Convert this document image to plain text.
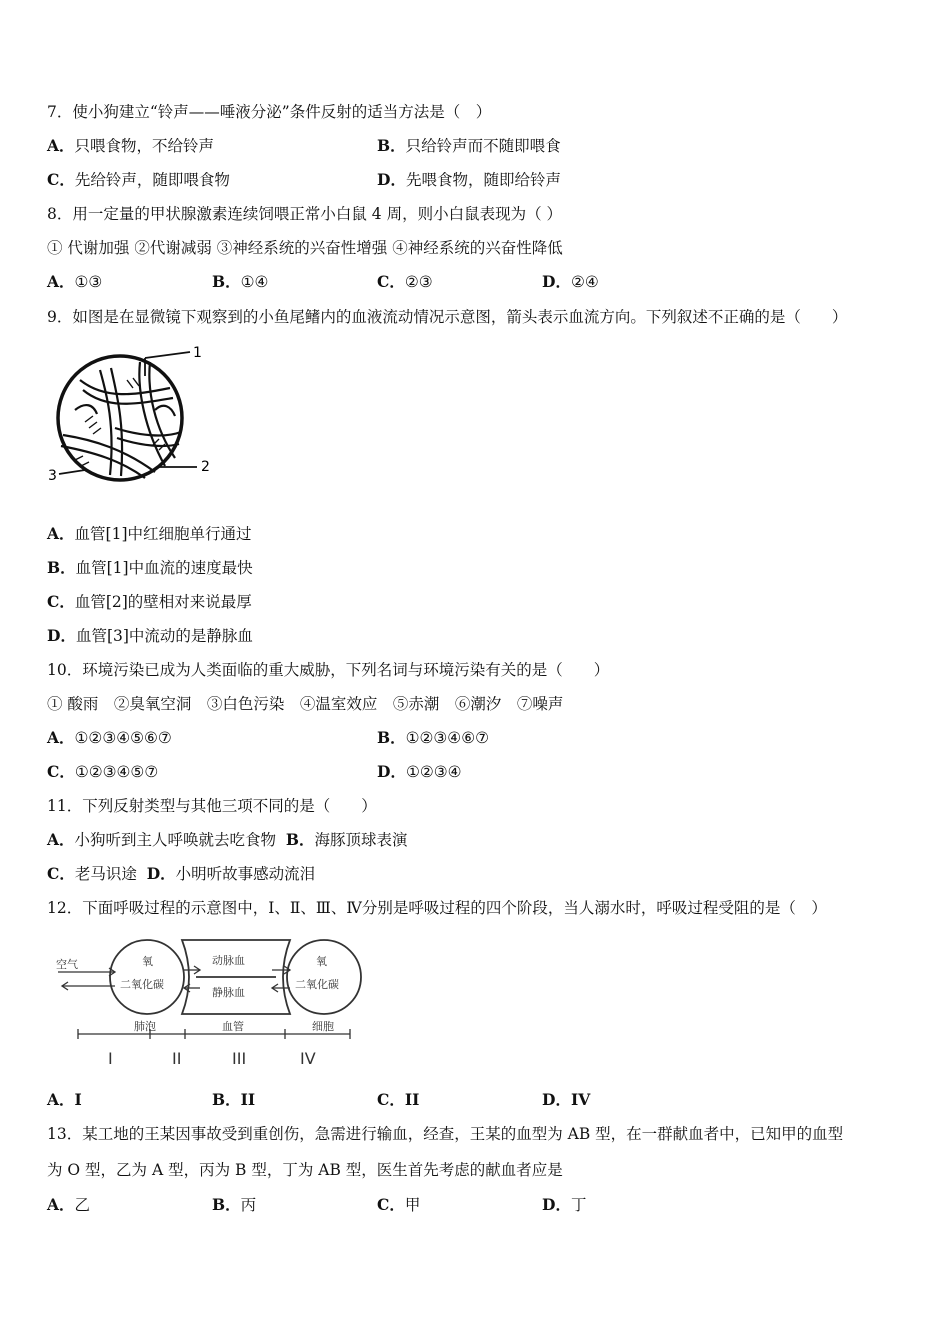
7．使小狗建立“铃声——唾液分泌”条件反射的适当方法是（　）
A．只喂食物，不给铃声	B．只给铃声而不随即喂食
C．先给铃声，随即喂食物	D．先喂食物，随即给铃声
8．用一定量的甲状腺激素连续饲喂正常小白鼠 4 周，则小白鼠表现为（ ）
① 代谢加强 ②代谢减弱 ③神经系统的兴奋性增强 ④神经系统的兴奋性降低
A．①③	B．①④	C．②③	D．②④
9．如图是在显微镜下观察到的小鱼尾鳍内的血液流动情况示意图，箭头表示血流方向。下列叙述不正确的是（　　）
1
2
3
A．血管[1]中红细胞单行通过
B．血管[1]中血流的速度最快
C．血管[2]的壁相对来说最厚
D．血管[3]中流动的是静脉血
10．环境污染已成为人类面临的重大威胁，下列名词与环境污染有关的是（　　）
① 酸雨　②臭氧空洞　③白色污染　④温室效应　⑤赤潮　⑥潮汐　⑦噪声
A．①②③④⑤⑥⑦	B．①②③④⑥⑦
C．①②③④⑤⑦	D．①②③④
11．下列反射类型与其他三项不同的是（　　）
A．小狗听到主人呼唤就去吃食物 B．海豚顶球表演
C．老马识途 D．小明听故事感动流泪
12．下面呼吸过程的示意图中，Ⅰ、Ⅱ、Ⅲ、Ⅳ分别是呼吸过程的四个阶段，当人溺水时，呼吸过程受阻的是（　）
空气	氧
二氧化碳
动脉血
静脉血
氧
二氧化碳
肺泡	血管	细胞
I	II	III	IV
A．I	B．II	C．II	D．IV
13．某工地的王某因事故受到重创伤，急需进行输血，经查，王某的血型为 AB 型，在一群献血者中，已知甲的血型
为 O 型，乙为 A 型，丙为 B 型，丁为 AB 型，医生首先考虑的献血者应是
A．乙	B．丙	C．甲	D．丁
